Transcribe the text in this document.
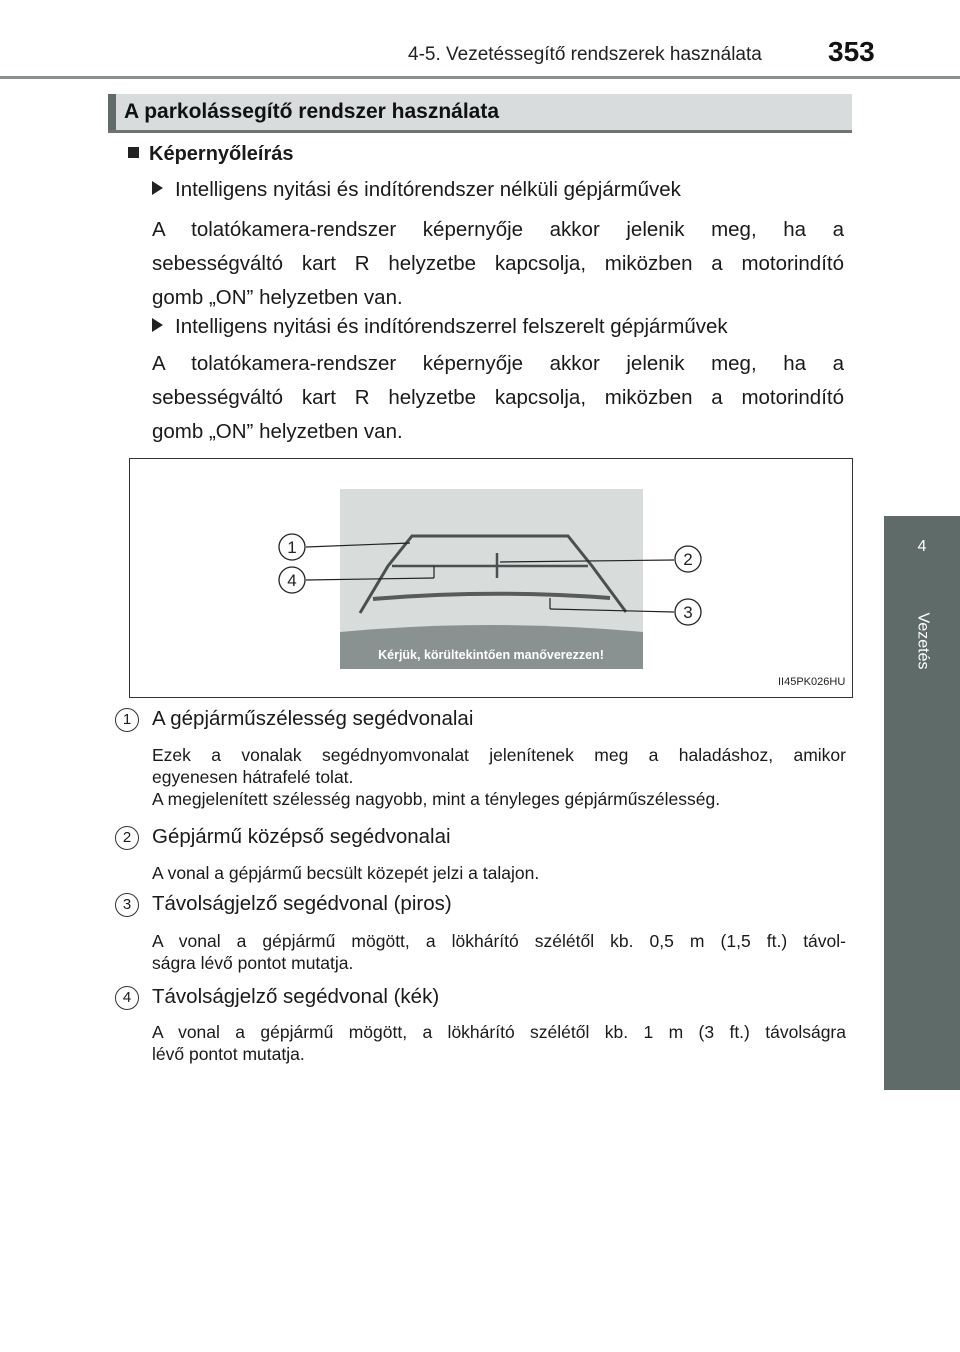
4-5. Vezetéssegítő rendszerek használata 353
4
Vezetés
A parkolássegítő rendszer használata
Képernyőleírás
Intelligens nyitási és indítórendszer nélküli gépjárművek
A tolatókamera-rendszer képernyője akkor jelenik meg, ha a
sebességváltó kart R helyzetbe kapcsolja, miközben a motorindító
gomb „ON” helyzetben van.
Intelligens nyitási és indítórendszerrel felszerelt gépjárművek
A tolatókamera-rendszer képernyője akkor jelenik meg, ha a
sebességváltó kart R helyzetbe kapcsolja, miközben a motorindító
gomb „ON” helyzetben van.
1
2
3
4
Kérjük, körültekintően manőverezzen!
II45PK026HU
1	A gépjárműszélesség segédvonalai
Ezek a vonalak segédnyomvonalat jelenítenek meg a haladáshoz, amikor
egyenesen hátrafelé tolat.
A megjelenített szélesség nagyobb, mint a tényleges gépjárműszélesség.
2	Gépjármű középső segédvonalai
A vonal a gépjármű becsült közepét jelzi a talajon.
3	Távolságjelző segédvonal (piros)
A vonal a gépjármű mögött, a lökhárító szélétől kb. 0,5 m (1,5 ft.) távol-
ságra lévő pontot mutatja.
4	Távolságjelző segédvonal (kék)
A vonal a gépjármű mögött, a lökhárító szélétől kb. 1 m (3 ft.) távolságra
lévő pontot mutatja.
